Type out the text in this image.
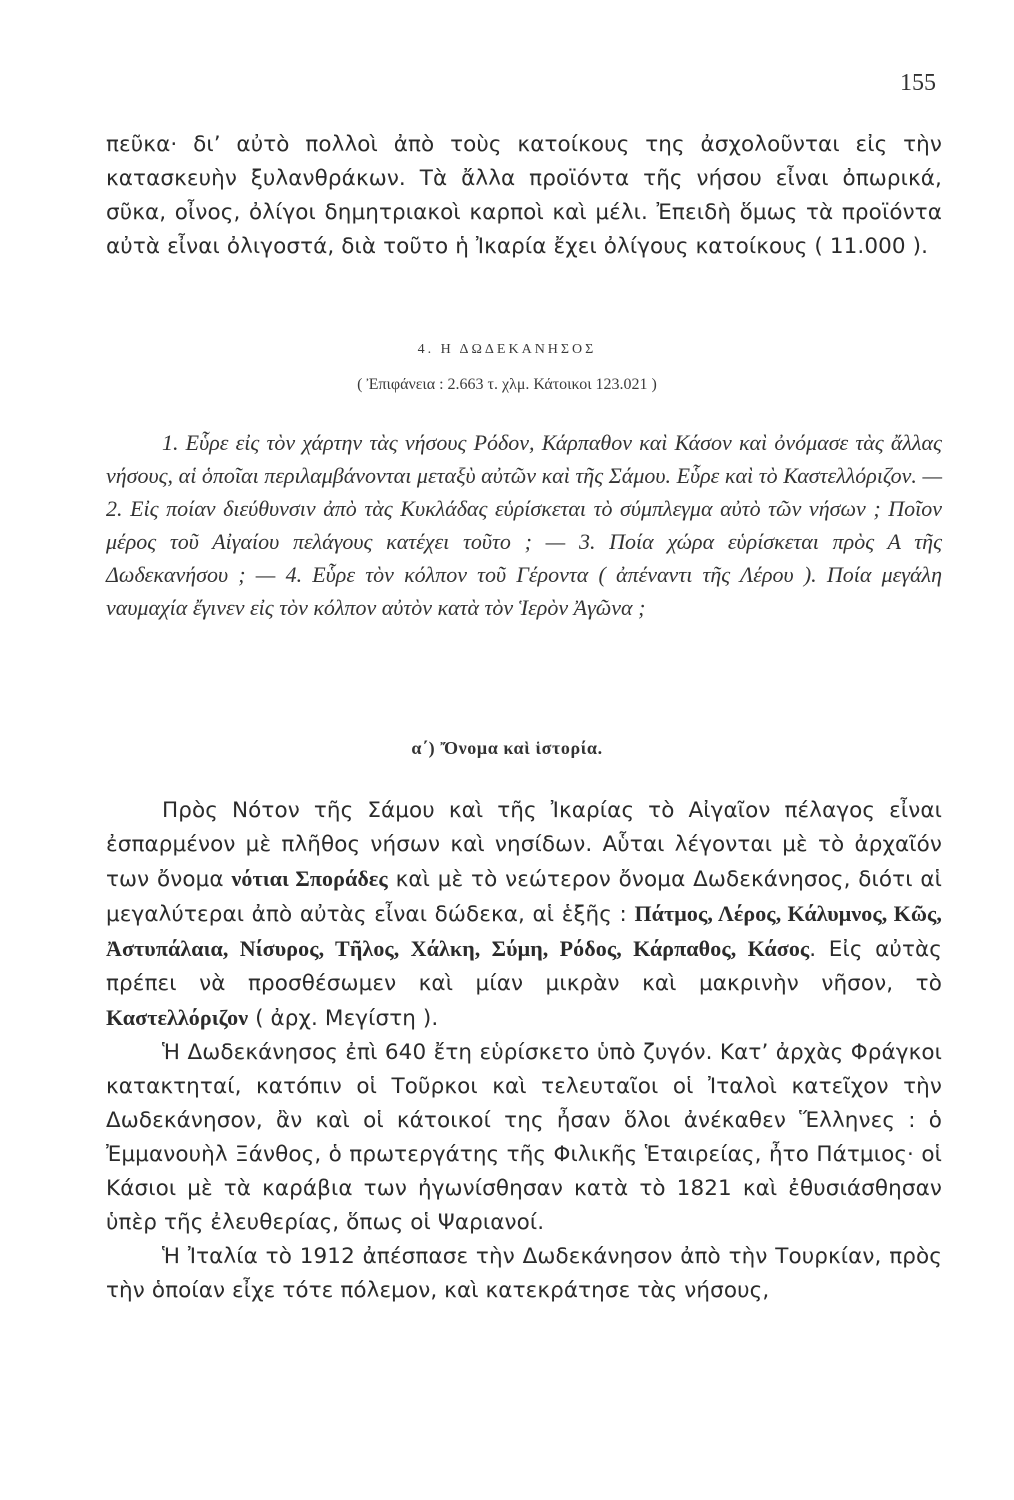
155

πεῦκα· δι’ αὐτὸ πολλοὶ ἀπὸ τοὺς κατοίκους της ἀσχολοῦνται εἰς τὴν κατασκευὴν ξυλανθράκων. Τὰ ἄλλα προϊόντα τῆς νήσου εἶναι ὀπωρικά, σῦκα, οἶνος, ὀλίγοι δημητριακοὶ καρποὶ καὶ μέλι. Ἐπειδὴ ὅμως τὰ προϊόντα αὐτὰ εἶναι ὀλιγοστά, διὰ τοῦτο ἡ Ἰκαρία ἔχει ὀλίγους κατοίκους ( 11.000 ).

4. Η ΔΩΔΕΚΑΝΗΣΟΣ
( Ἐπιφάνεια : 2.663 τ. χλμ. Κάτοικοι 123.021 )

1. Εὗρε εἰς τὸν χάρτην τὰς νήσους Ρόδον, Κάρπαθον καὶ Κάσον καὶ ὀνόμασε τὰς ἄλλας νήσους, αἱ ὁποῖαι περιλαμβάνονται μεταξὺ αὐτῶν καὶ τῆς Σάμου. Εὗρε καὶ τὸ Καστελλόριζον. — 2. Εἰς ποίαν διεύθυνσιν ἀπὸ τὰς Κυκλάδας εὑρίσκεται τὸ σύμπλεγμα αὐτὸ τῶν νήσων ; Ποῖον μέρος τοῦ Αἰγαίου πελάγους κατέχει τοῦτο ; — 3. Ποία χώρα εὑρίσκεται πρὸς Α τῆς Δωδεκανήσου ; — 4. Εὗρε τὸν κόλπον τοῦ Γέροντα ( ἀπέναντι τῆς Λέρου ). Ποία μεγάλη ναυμαχία ἔγινεν εἰς τὸν κόλπον αὐτὸν κατὰ τὸν Ἱερὸν Ἀγῶνα ;

α΄) Ὄνομα καὶ ἱστορία.

Πρὸς Νότον τῆς Σάμου καὶ τῆς Ἰκαρίας τὸ Αἰγαῖον πέλαγος εἶναι ἐσπαρμένον μὲ πλῆθος νήσων καὶ νησίδων. Αὗται λέγονται μὲ τὸ ἀρχαῖόν των ὄνομα νότιαι Σποράδες καὶ μὲ τὸ νεώτερον ὄνομα Δωδεκάνησος, διότι αἱ μεγαλύτεραι ἀπὸ αὐτὰς εἶναι δώδεκα, αἱ ἑξῆς : Πάτμος, Λέρος, Κάλυμνος, Κῶς, Ἀστυπάλαια, Νίσυρος, Τῆλος, Χάλκη, Σύμη, Ρόδος, Κάρπαθος, Κάσος. Εἰς αὐτὰς πρέπει νὰ προσθέσωμεν καὶ μίαν μικρὰν καὶ μακρινὴν νῆσον, τὸ Καστελλόριζον ( ἀρχ. Μεγίστη ).

Ἡ Δωδεκάνησος ἐπὶ 640 ἔτη εὑρίσκετο ὑπὸ ζυγόν. Κατ’ ἀρχὰς Φράγκοι κατακτηταί, κατόπιν οἱ Τοῦρκοι καὶ τελευταῖοι οἱ Ἰταλοὶ κατεῖχον τὴν Δωδεκάνησον, ἂν καὶ οἱ κάτοικοί της ἦσαν ὅλοι ἀνέκαθεν Ἕλληνες : ὁ Ἐμμανουὴλ Ξάνθος, ὁ πρωτεργάτης τῆς Φιλικῆς Ἑταιρείας, ἦτο Πάτμιος· οἱ Κάσιοι μὲ τὰ καράβια των ἠγωνίσθησαν κατὰ τὸ 1821 καὶ ἐθυσιάσθησαν ὑπὲρ τῆς ἐλευθερίας, ὅπως οἱ Ψαριανοί.

Ἡ Ἰταλία τὸ 1912 ἀπέσπασε τὴν Δωδεκάνησον ἀπὸ τὴν Τουρκίαν, πρὸς τὴν ὁποίαν εἶχε τότε πόλεμον, καὶ κατεκράτησε τὰς νήσους,
